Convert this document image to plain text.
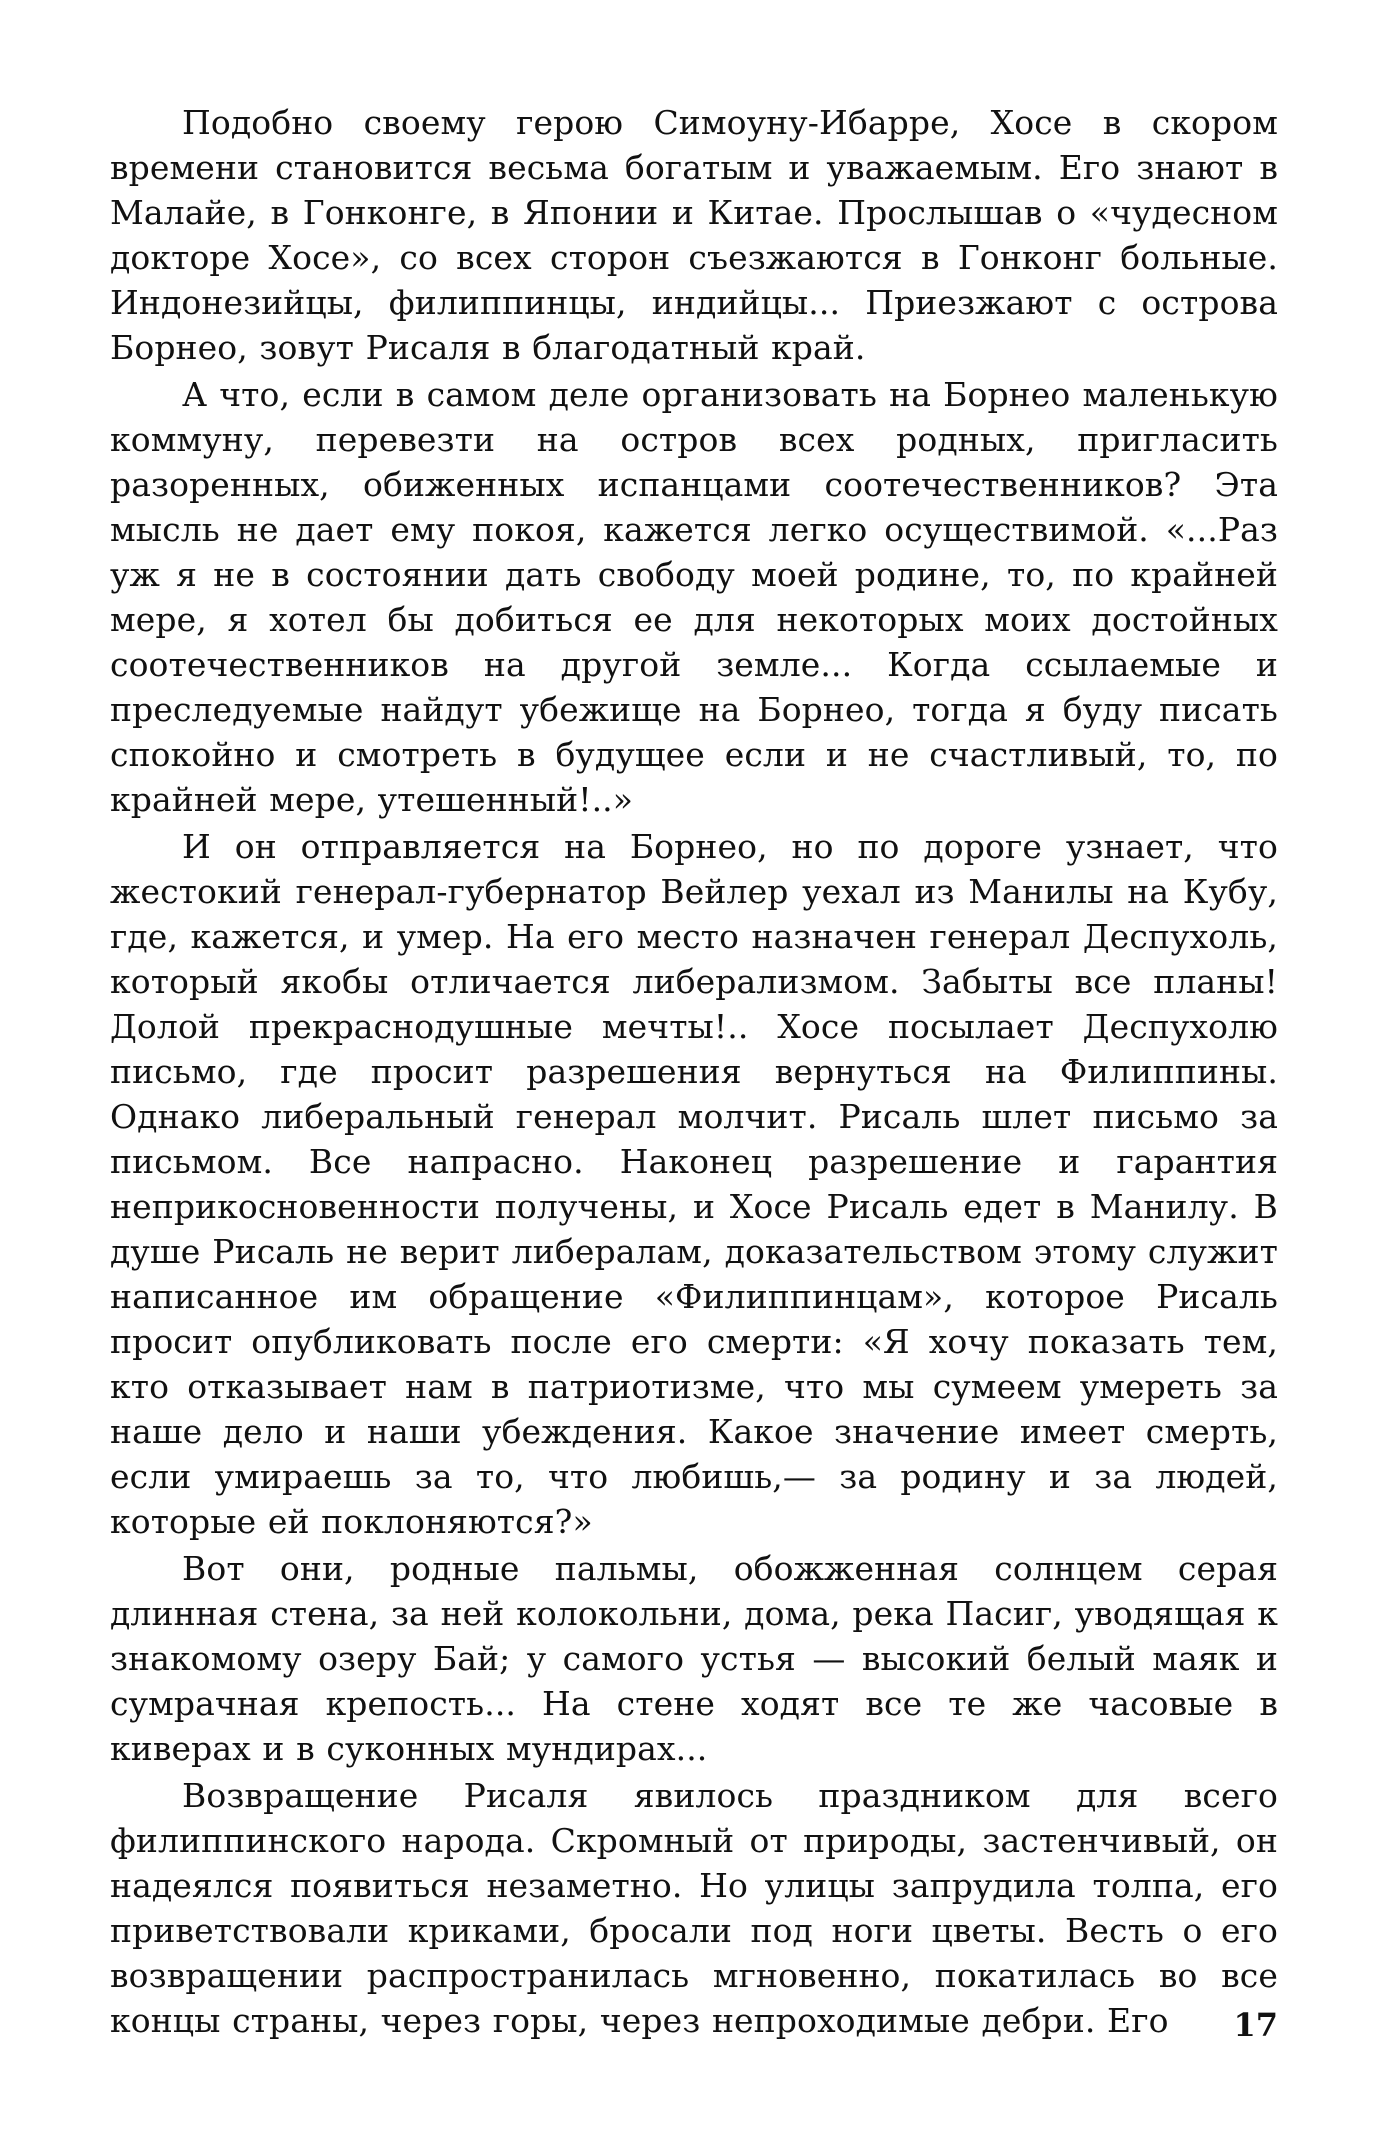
Подобно своему герою Симоуну-Ибарре, Хосе в скором времени становится весьма богатым и уважаемым. Его знают в Малайе, в Гонконге, в Японии и Китае. Прослышав о «чудесном докторе Хосе», со всех сторон съезжаются в Гонконг больные. Индонезийцы, филиппинцы, индийцы... Приезжают с острова Борнео, зовут Рисаля в благодатный край.

А что, если в самом деле организовать на Борнео маленькую коммуну, перевезти на остров всех родных, пригласить разоренных, обиженных испанцами соотечественников? Эта мысль не дает ему покоя, кажется легко осуществимой. «...Раз уж я не в состоянии дать свободу моей родине, то, по крайней мере, я хотел бы добиться ее для некоторых моих достойных соотечественников на другой земле... Когда ссылаемые и преследуемые найдут убежище на Борнео, тогда я буду писать спокойно и смотреть в будущее если и не счастливый, то, по крайней мере, утешенный!..»

И он отправляется на Борнео, но по дороге узнает, что жестокий генерал-губернатор Вейлер уехал из Манилы на Кубу, где, кажется, и умер. На его место назначен генерал Деспухоль, который якобы отличается либерализмом. Забыты все планы! Долой прекраснодушные мечты!.. Хосе посылает Деспухолю письмо, где просит разрешения вернуться на Филиппины. Однако либеральный генерал молчит. Рисаль шлет письмо за письмом. Все напрасно. Наконец разрешение и гарантия неприкосновенности получены, и Хосе Рисаль едет в Манилу. В душе Рисаль не верит либералам, доказательством этому служит написанное им обращение «Филиппинцам», которое Рисаль просит опубликовать после его смерти: «Я хочу показать тем, кто отказывает нам в патриотизме, что мы сумеем умереть за наше дело и наши убеждения. Какое значение имеет смерть, если умираешь за то, что любишь,— за родину и за людей, которые ей поклоняются?»

Вот они, родные пальмы, обожженная солнцем серая длинная стена, за ней колокольни, дома, река Пасиг, уводящая к знакомому озеру Бай; у самого устья — высокий белый маяк и сумрачная крепость... На стене ходят все те же часовые в киверах и в суконных мундирах...

Возвращение Рисаля явилось праздником для всего филиппинского народа. Скромный от природы, застенчивый, он надеялся появиться незаметно. Но улицы запрудила толпа, его приветствовали криками, бросали под ноги цветы. Весть о его возвращении распространилась мгновенно, покатилась во все концы страны, через горы, через непроходимые дебри. Его	17
